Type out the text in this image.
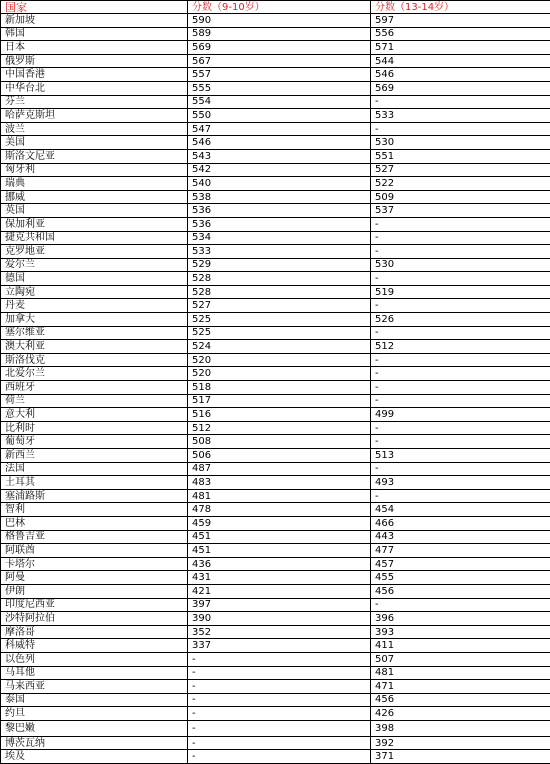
国家	分数（9-10岁）	分数（13-14岁）
新加坡	590	597
韩国	589	556
日本	569	571
俄罗斯	567	544
中国香港	557	546
中华台北	555	569
芬兰	554	-
哈萨克斯坦	550	533
波兰	547	-
美国	546	530
斯洛文尼亚	543	551
匈牙利	542	527
瑞典	540	522
挪威	538	509
英国	536	537
保加利亚	536	-
捷克共和国	534	-
克罗地亚	533	-
爱尔兰	529	530
德国	528	-
立陶宛	528	519
丹麦	527	-
加拿大	525	526
塞尔维亚	525	-
澳大利亚	524	512
斯洛伐克	520	-
北爱尔兰	520	-
西班牙	518	-
荷兰	517	-
意大利	516	499
比利时	512	-
葡萄牙	508	-
新西兰	506	513
法国	487	-
土耳其	483	493
塞浦路斯	481	-
智利	478	454
巴林	459	466
格鲁吉亚	451	443
阿联酋	451	477
卡塔尔	436	457
阿曼	431	455
伊朗	421	456
印度尼西亚	397	-
沙特阿拉伯	390	396
摩洛哥	352	393
科威特	337	411
以色列	-	507
马耳他	-	481
马来西亚	-	471
泰国	-	456
约旦	-	426
黎巴嫩	-	398
博茨瓦纳	-	392
埃及	-	371
